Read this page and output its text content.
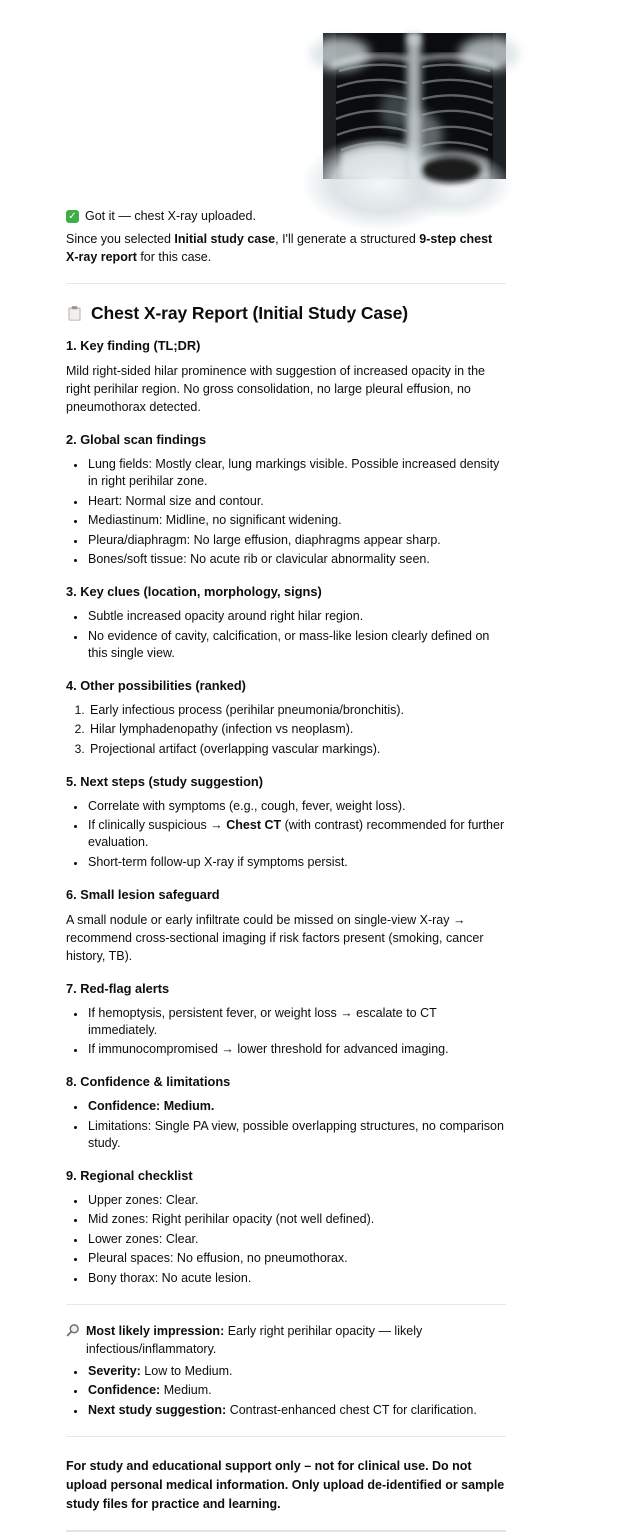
✓ Got it — chest X-ray uploaded.
Since you selected Initial study case, I'll generate a structured 9-step chest X-ray report for this case.
Chest X-ray Report (Initial Study Case)
1. Key finding (TL;DR)

Mild right-sided hilar prominence with suggestion of increased opacity in the right perihilar region. No gross consolidation, no large pleural effusion, no pneumothorax detected.

2. Global scan findings
• Lung fields: Mostly clear, lung markings visible. Possible increased density in right perihilar zone.
• Heart: Normal size and contour.
• Mediastinum: Midline, no significant widening.
• Pleura/diaphragm: No large effusion, diaphragms appear sharp.
• Bones/soft tissue: No acute rib or clavicular abnormality seen.
3. Key clues (location, morphology, signs)
• Subtle increased opacity around right hilar region.
• No evidence of cavity, calcification, or mass-like lesion clearly defined on this single view.
4. Other possibilities (ranked)
1. Early infectious process (perihilar pneumonia/bronchitis).
2. Hilar lymphadenopathy (infection vs neoplasm).
3. Projectional artifact (overlapping vascular markings).
5. Next steps (study suggestion)
• Correlate with symptoms (e.g., cough, fever, weight loss).
• If clinically suspicious → Chest CT (with contrast) recommended for further evaluation.
• Short-term follow-up X-ray if symptoms persist.
6. Small lesion safeguard

A small nodule or early infiltrate could be missed on single-view X-ray → recommend cross-sectional imaging if risk factors present (smoking, cancer history, TB).

7. Red-flag alerts
• If hemoptysis, persistent fever, or weight loss → escalate to CT immediately.
• If immunocompromised → lower threshold for advanced imaging.
8. Confidence & limitations
• Confidence: Medium.
• Limitations: Single PA view, possible overlapping structures, no comparison study.
9. Regional checklist
• Upper zones: Clear.
• Mid zones: Right perihilar opacity (not well defined).
• Lower zones: Clear.
• Pleural spaces: No effusion, no pneumothorax.
• Bony thorax: No acute lesion.
Most likely impression: Early right perihilar opacity — likely infectious/inflammatory.
• Severity: Low to Medium.
• Confidence: Medium.
• Next study suggestion: Contrast-enhanced chest CT for clarification.

For study and educational support only – not for clinical use. Do not upload personal medical information. Only upload de-identified or sample study files for practice and learning.
